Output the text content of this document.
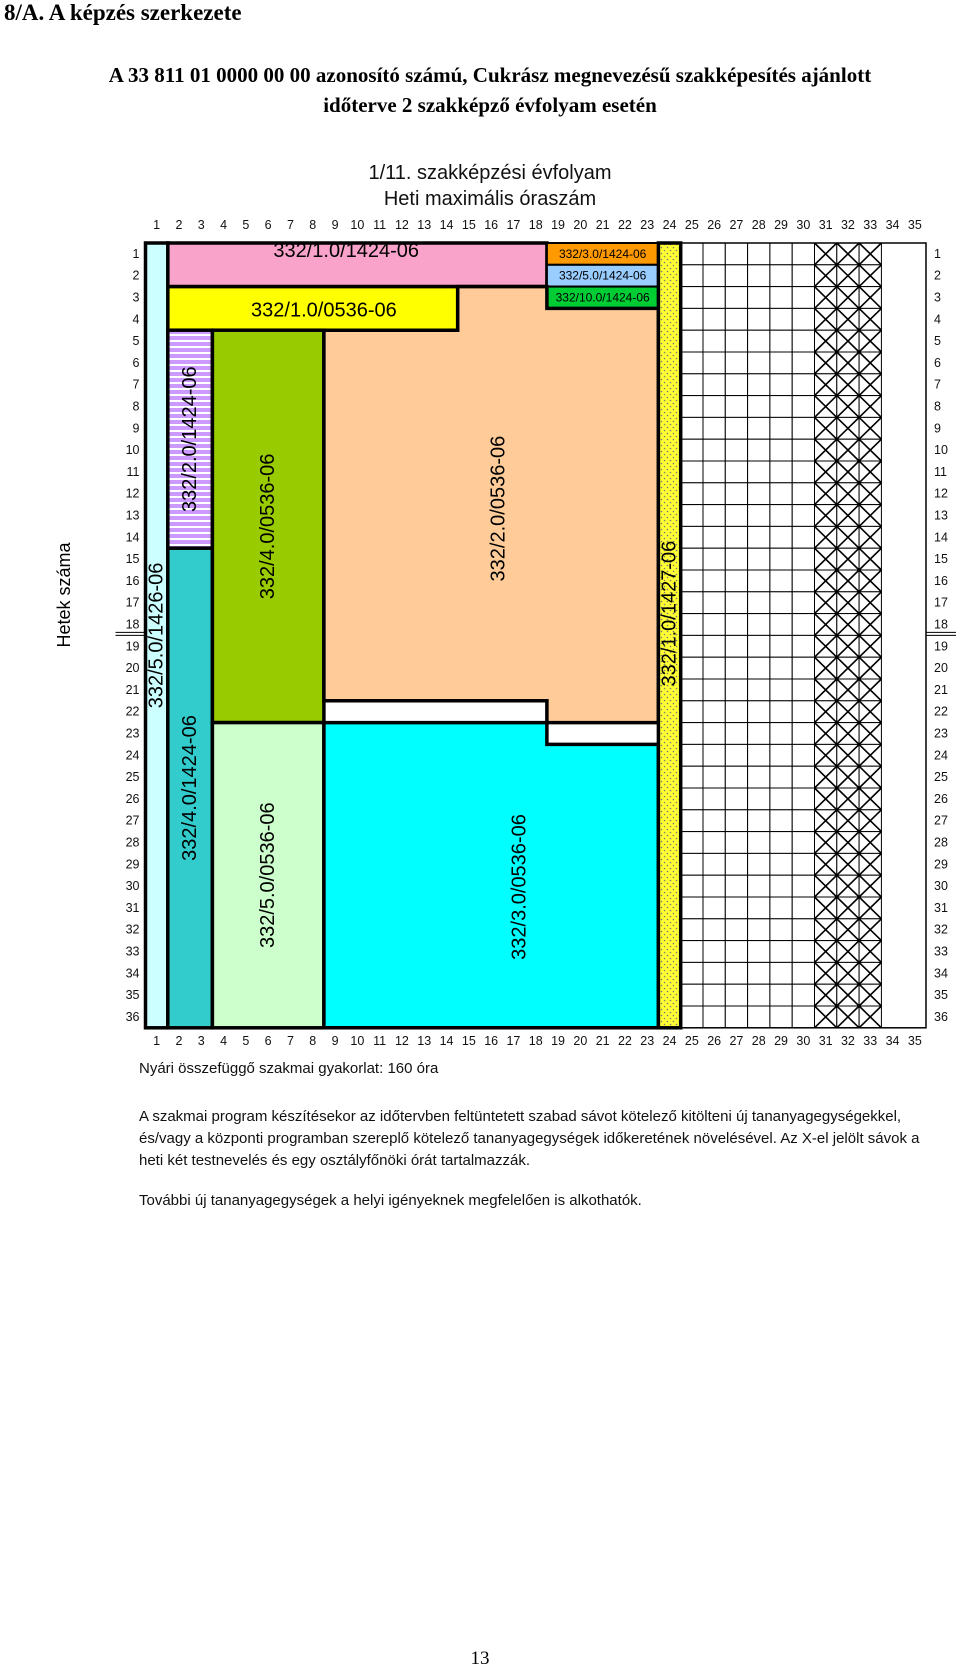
8/A. A képzés szerkezete
A 33 811 01 0000 00 00 azonosító számú, Cukrász megnevezésű szakképesítés ajánlott
időterve 2 szakképző évfolyam esetén
1/11. szakképzési évfolyam
Heti maximális óraszám
332/1.0/1424-06
332/1.0/0536-06
332/3.0/1424-06
332/5.0/1424-06
332/10.0/1424-06
332/5.0/1426-06
332/2.0/1424-06
332/4.0/1424-06
332/4.0/0536-06
332/5.0/0536-06
332/2.0/0536-06
332/3.0/0536-06
332/1.0/1427-06
1
1
2
2
3
3
4
4
5
5
6
6
7
7
8
8
9
9
10
10
11
11
12
12
13
13
14
14
15
15
16
16
17
17
18
18
19
19
20
20
21
21
22
22
23
23
24
24
25
25
26
26
27
27
28
28
29
29
30
30
31
31
32
32
33
33
34
34
35
35
1	1
2	2
3	3
4	4
5	5
6	6
7	7
8	8
9	9
10	10
11	11
12	12
13	13
14	14
15	15
16	16
17	17
18	18
19	19
20	20
21	21
22	22
23	23
24	24
25	25
26	26
27	27
28	28
29	29
30	30
31	31
32	32
33	33
34	34
35	35
36	36
Hetek száma
Nyári összefüggő szakmai gyakorlat: 160 óra
A szakmai program készítésekor az időtervben feltüntetett szabad sávot kötelező kitölteni új tananyagegységekkel, és/vagy a központi programban szereplő kötelező tananyagegységek időkeretének növelésével. Az X-el jelölt sávok a heti két testnevelés és egy osztályfőnöki órát tartalmazzák.
További új tananyagegységek a helyi igényeknek megfelelően is alkothatók.
13
